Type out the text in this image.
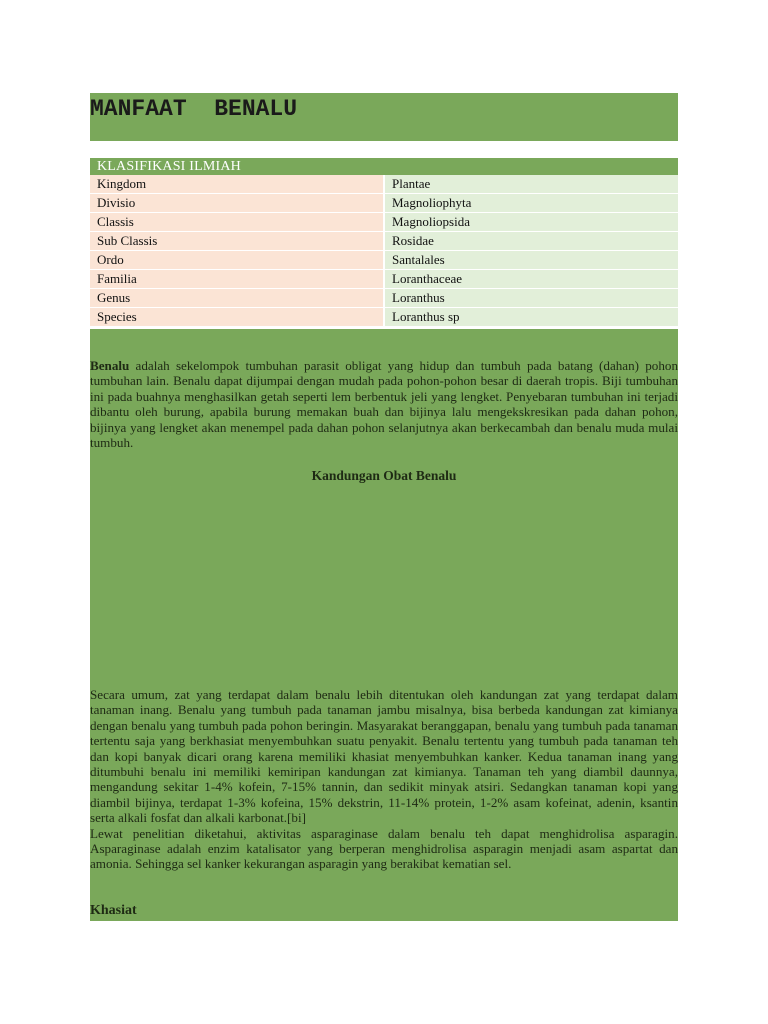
MANFAAT  BENALU
KLASIFIKASI ILMIAH	
Kingdom	Plantae
Divisio	Magnoliophyta
Classis	Magnoliopsida
Sub Classis	Rosidae
Ordo	Santalales
Familia	Loranthaceae
Genus	Loranthus
Species	Loranthus sp

Benalu adalah sekelompok tumbuhan parasit obligat yang hidup dan tumbuh pada batang (dahan) pohon tumbuhan lain. Benalu dapat dijumpai dengan mudah pada pohon-pohon besar di daerah tropis. Biji tumbuhan ini pada buahnya menghasilkan getah seperti lem berbentuk jeli yang lengket. Penyebaran tumbuhan ini terjadi dibantu oleh burung, apabila burung memakan buah dan bijinya lalu mengekskresikan pada dahan pohon, bijinya yang lengket akan menempel pada dahan pohon selanjutnya akan berkecambah dan benalu muda mulai tumbuh.

Kandungan Obat Benalu

Secara umum, zat yang terdapat dalam benalu lebih ditentukan oleh kandungan zat yang terdapat dalam tanaman inang. Benalu yang tumbuh pada tanaman jambu misalnya, bisa berbeda kandungan zat kimianya dengan benalu yang tumbuh pada pohon beringin. Masyarakat beranggapan, benalu yang tumbuh pada tanaman tertentu saja yang berkhasiat menyembuhkan suatu penyakit. Benalu tertentu yang tumbuh pada tanaman teh dan kopi banyak dicari orang karena memiliki khasiat menyembuhkan kanker. Kedua tanaman inang yang ditumbuhi benalu ini memiliki kemiripan kandungan zat kimianya. Tanaman teh yang diambil daunnya, mengandung sekitar 1-4% kofein, 7-15% tannin, dan sedikit minyak atsiri. Sedangkan tanaman kopi yang diambil bijinya, terdapat 1-3% kofeina, 15% dekstrin, 11-14% protein, 1-2% asam kofeinat, adenin, ksantin serta alkali fosfat dan alkali karbonat.[bi]

Lewat penelitian diketahui, aktivitas asparaginase dalam benalu teh dapat menghidrolisa asparagin. Asparaginase adalah enzim katalisator yang berperan menghidrolisa asparagin menjadi asam aspartat dan amonia. Sehingga sel kanker kekurangan asparagin yang berakibat kematian sel.

Khasiat
